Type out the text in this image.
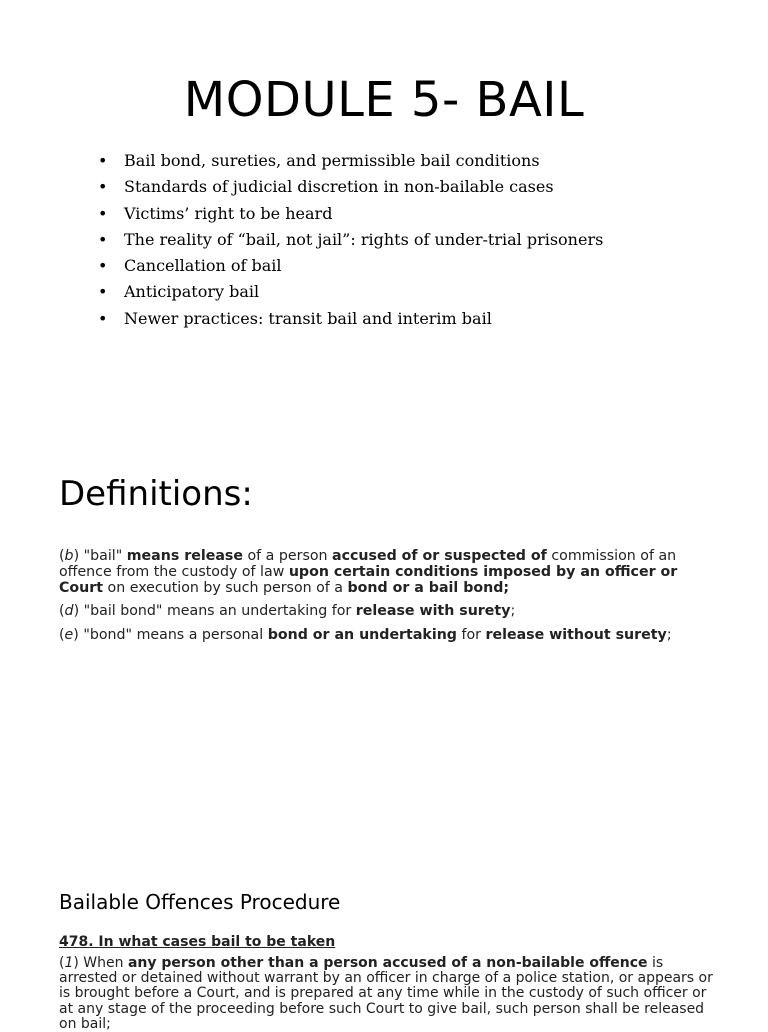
MODULE 5- BAIL
• Bail bond, sureties, and permissible bail conditions
• Standards of judicial discretion in non-bailable cases
• Victims’ right to be heard
• The reality of “bail, not jail”: rights of under-trial prisoners
• Cancellation of bail
• Anticipatory bail
• Newer practices: transit bail and interim bail
Definitions:

(b) "bail" means release of a person accused of or suspected of commission of an offence from the custody of law upon certain conditions imposed by an officer or Court on execution by such person of a bond or a bail bond;

(d) "bail bond" means an undertaking for release with surety;

(e) "bond" means a personal bond or an undertaking for release without surety;

Bailable Offences Procedure
478. In what cases bail to be taken
(1) When any person other than a person accused of a non-bailable offence is arrested or detained without warrant by an officer in charge of a police station, or appears or is brought before a Court, and is prepared at any time while in the custody of such officer or at any stage of the proceeding before such Court to give bail, such person shall be released on bail;
